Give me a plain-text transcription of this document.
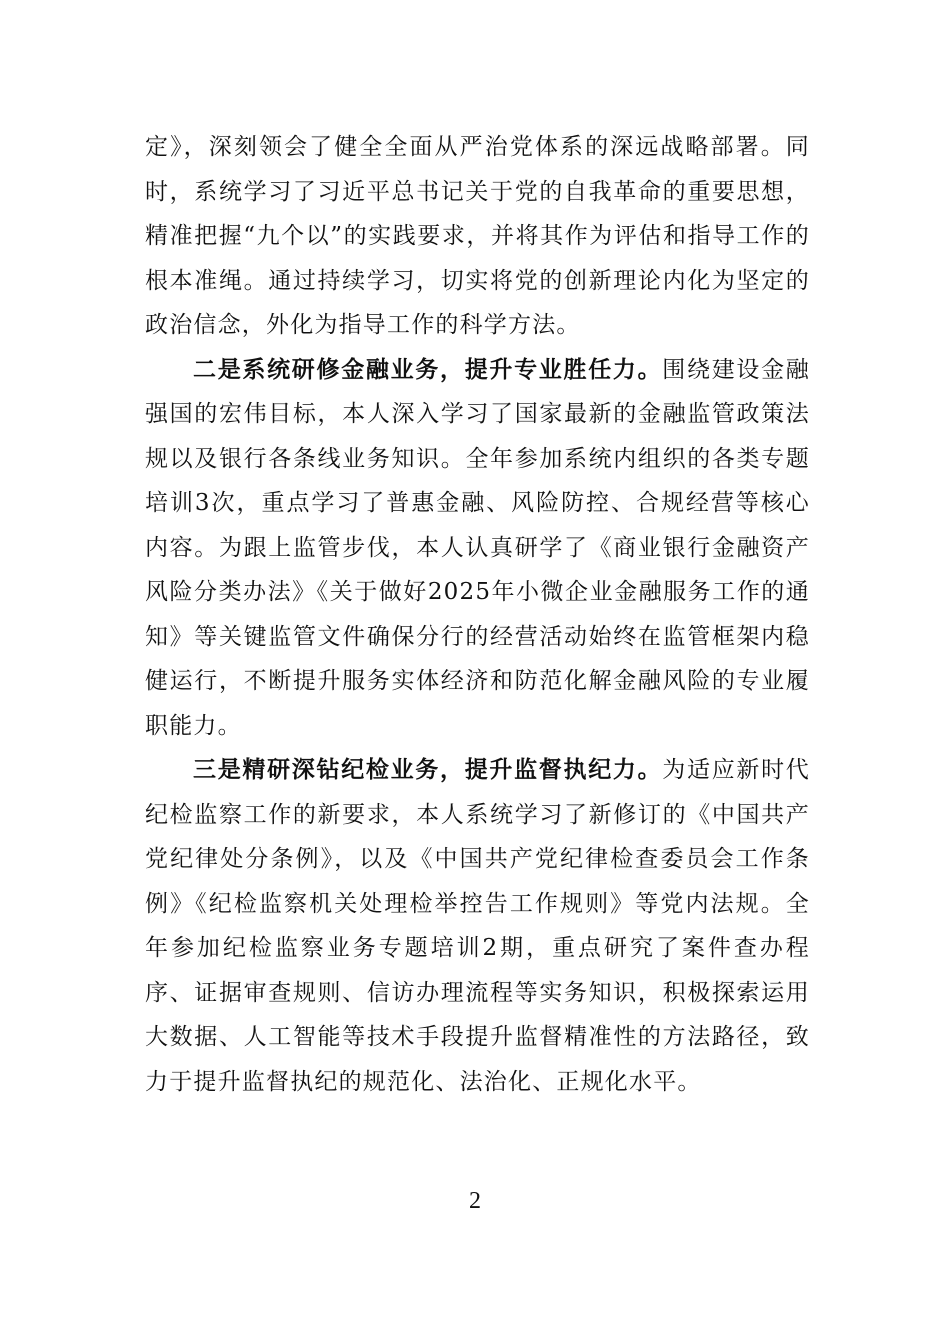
定》，深刻领会了健全全面从严治党体系的深远战略部署。同时，系统学习了习近平总书记关于党的自我革命的重要思想，精准把握“九个以”的实践要求，并将其作为评估和指导工作的根本准绳。通过持续学习，切实将党的创新理论内化为坚定的政治信念，外化为指导工作的科学方法。

二是系统研修金融业务，提升专业胜任力。围绕建设金融强国的宏伟目标，本人深入学习了国家最新的金融监管政策法规以及银行各条线业务知识。全年参加系统内组织的各类专题培训3次，重点学习了普惠金融、风险防控、合规经营等核心内容。为跟上监管步伐，本人认真研学了《商业银行金融资产风险分类办法》《关于做好2025年小微企业金融服务工作的通知》等关键监管文件确保分行的经营活动始终在监管框架内稳健运行，不断提升服务实体经济和防范化解金融风险的专业履职能力。

三是精研深钻纪检业务，提升监督执纪力。为适应新时代纪检监察工作的新要求，本人系统学习了新修订的《中国共产党纪律处分条例》，以及《中国共产党纪律检查委员会工作条例》《纪检监察机关处理检举控告工作规则》等党内法规。全年参加纪检监察业务专题培训2期，重点研究了案件查办程序、证据审查规则、信访办理流程等实务知识，积极探索运用大数据、人工智能等技术手段提升监督精准性的方法路径，致力于提升监督执纪的规范化、法治化、正规化水平。

2
